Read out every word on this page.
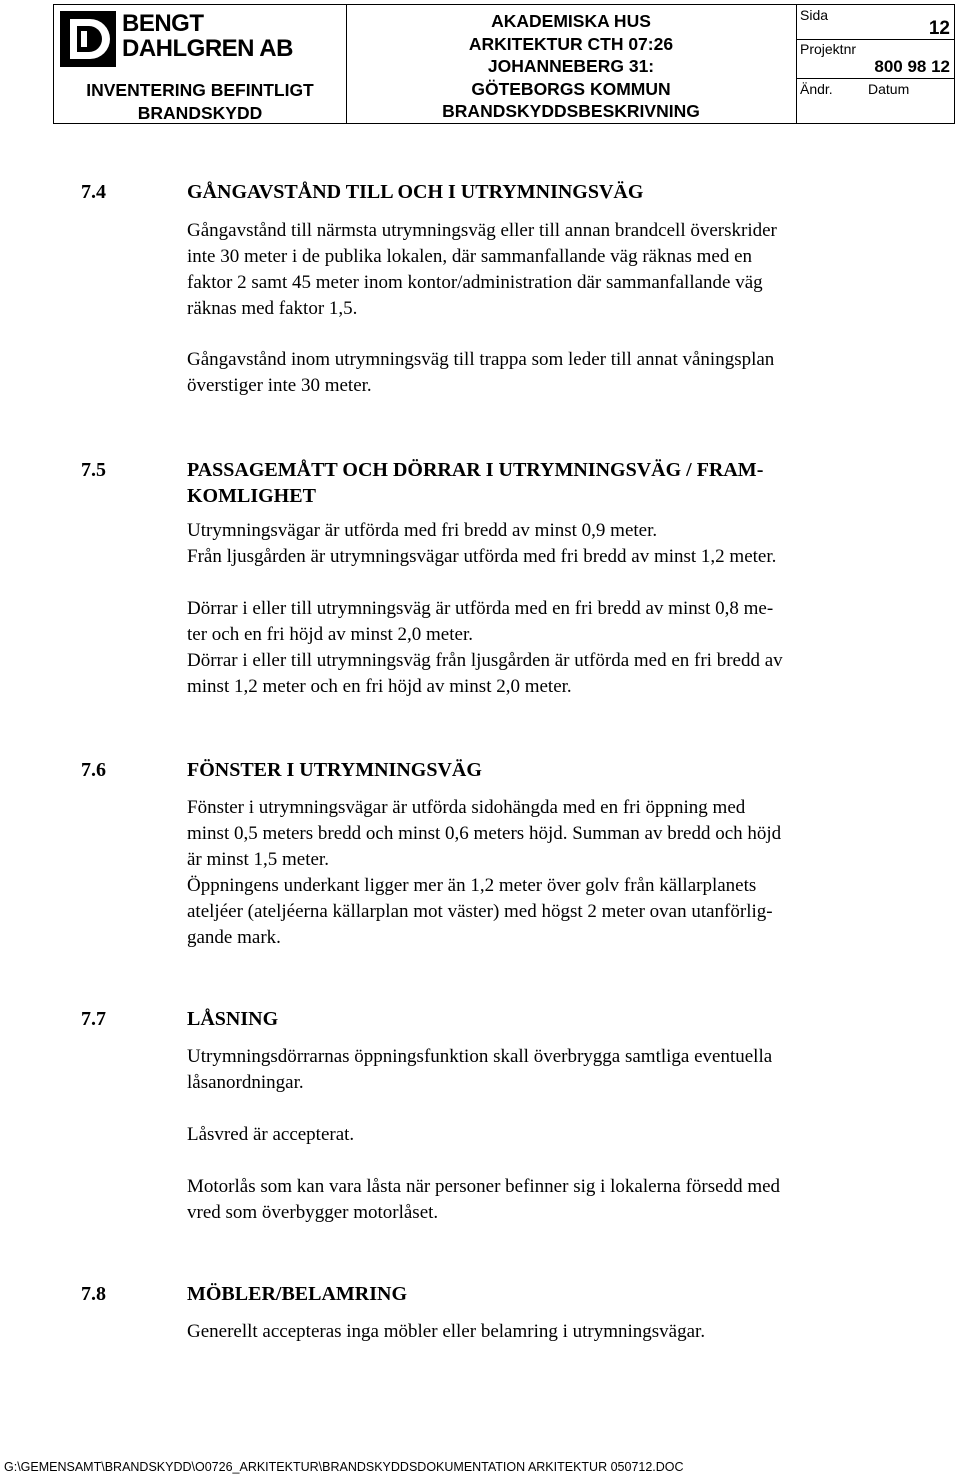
BENGT
DAHLGREN AB
INVENTERING BEFINTLIGT
BRANDSKYDD
AKADEMISKA HUS
ARKITEKTUR CTH 07:26
JOHANNEBERG 31:
GÖTEBORGS KOMMUN
BRANDSKYDDSBESKRIVNING
Sida
12
Projektnr
800 98 12
Ändr.	Datum
7.4	GÅNGAVSTÅND TILL OCH I UTRYMNINGSVÄG
Gångavstånd till närmsta utrymningsväg eller till annan brandcell överskrider
inte 30 meter i de publika lokalen, där sammanfallande väg räknas med en
faktor 2 samt 45 meter inom kontor/administration där sammanfallande väg
räknas med faktor 1,5.
Gångavstånd inom utrymningsväg till trappa som leder till annat våningsplan
överstiger inte 30 meter.
7.5	PASSAGEMÅTT OCH DÖRRAR I UTRYMNINGSVÄG / FRAM-
KOMLIGHET
Utrymningsvägar är utförda med fri bredd av minst 0,9 meter.
Från ljusgården är utrymningsvägar utförda med fri bredd av minst 1,2 meter.
Dörrar i eller till utrymningsväg är utförda med en fri bredd av minst 0,8 me-
ter och en fri höjd av minst 2,0 meter.
Dörrar i eller till utrymningsväg från ljusgården är utförda med en fri bredd av
minst 1,2 meter och en fri höjd av minst 2,0 meter.
7.6	FÖNSTER I UTRYMNINGSVÄG
Fönster i utrymningsvägar är utförda sidohängda med en fri öppning med
minst 0,5 meters bredd och minst 0,6 meters höjd. Summan av bredd och höjd
är minst 1,5 meter.
Öppningens underkant ligger mer än 1,2 meter över golv från källarplanets
ateljéer (ateljéerna källarplan mot väster) med högst 2 meter ovan utanförlig-
gande mark.
7.7	LÅSNING
Utrymningsdörrarnas öppningsfunktion skall överbrygga samtliga eventuella
låsanordningar.
Låsvred är accepterat.
Motorlås som kan vara låsta när personer befinner sig i lokalerna försedd med
vred som överbygger motorlåset.
7.8	MÖBLER/BELAMRING
Generellt accepteras inga möbler eller belamring i utrymningsvägar.
G:\GEMENSAMT\BRANDSKYDD\O0726_ARKITEKTUR\BRANDSKYDDSDOKUMENTATION ARKITEKTUR 050712.DOC
